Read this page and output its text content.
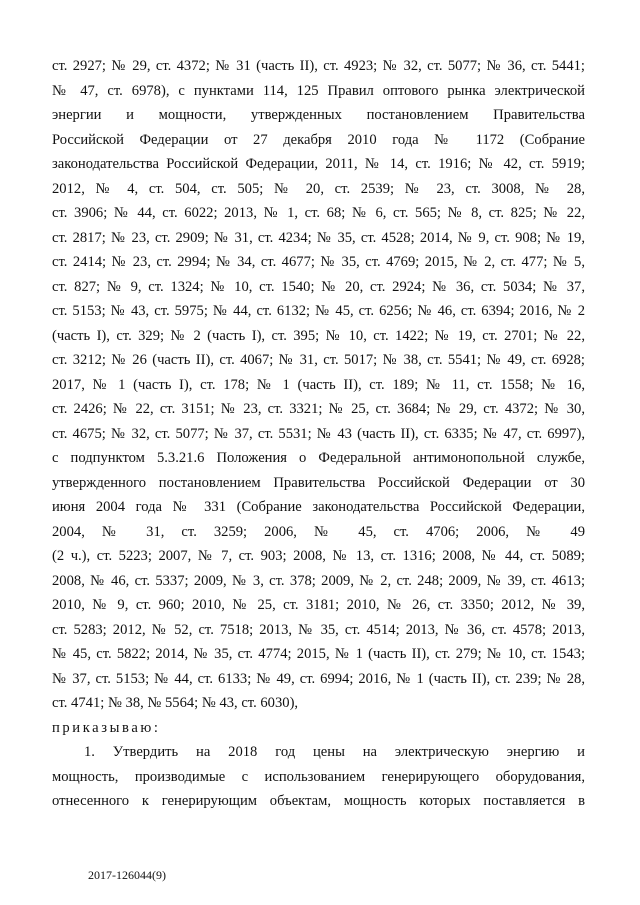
ст. 2927; № 29, ст. 4372; № 31 (часть II), ст. 4923; № 32, ст. 5077; № 36, ст. 5441;
№ 47, ст. 6978), с пунктами 114, 125 Правил оптового рынка электрической
энергии и мощности, утвержденных постановлением Правительства
Российской Федерации от 27 декабря 2010 года № 1172 (Собрание
законодательства Российской Федерации, 2011, № 14, ст. 1916; № 42, ст. 5919;
2012, № 4, ст. 504, ст. 505; № 20, ст. 2539; № 23, ст. 3008, № 28,
ст. 3906; № 44, ст. 6022; 2013, № 1, ст. 68; № 6, ст. 565; № 8, ст. 825; № 22,
ст. 2817; № 23, ст. 2909; № 31, ст. 4234; № 35, ст. 4528; 2014, № 9, ст. 908; № 19,
ст. 2414; № 23, ст. 2994; № 34, ст. 4677; № 35, ст. 4769; 2015, № 2, ст. 477; № 5,
ст. 827; № 9, ст. 1324; № 10, ст. 1540; № 20, ст. 2924; № 36, ст. 5034; № 37,
ст. 5153; № 43, ст. 5975; № 44, ст. 6132; № 45, ст. 6256; № 46, ст. 6394; 2016, № 2
(часть I), ст. 329; № 2 (часть I), ст. 395; № 10, ст. 1422; № 19, ст. 2701; № 22,
ст. 3212; № 26 (часть II), ст. 4067; № 31, ст. 5017; № 38, ст. 5541; № 49, ст. 6928;
2017, № 1 (часть I), ст. 178; № 1 (часть II), ст. 189; № 11, ст. 1558; № 16,
ст. 2426; № 22, ст. 3151; № 23, ст. 3321; № 25, ст. 3684; № 29, ст. 4372; № 30,
ст. 4675; № 32, ст. 5077; № 37, ст. 5531; № 43 (часть II), ст. 6335; № 47, ст. 6997),
с подпунктом 5.3.21.6 Положения о Федеральной антимонопольной службе,
утвержденного постановлением Правительства Российской Федерации от 30
июня 2004 года № 331 (Собрание законодательства Российской Федерации,
2004, № 31, ст. 3259; 2006, № 45, ст. 4706; 2006, № 49
(2 ч.), ст. 5223; 2007, № 7, ст. 903; 2008, № 13, ст. 1316; 2008, № 44, ст. 5089;
2008, № 46, ст. 5337; 2009, № 3, ст. 378; 2009, № 2, ст. 248; 2009, № 39, ст. 4613;
2010, № 9, ст. 960; 2010, № 25, ст. 3181; 2010, № 26, ст. 3350; 2012, № 39,
ст. 5283; 2012, № 52, ст. 7518; 2013, № 35, ст. 4514; 2013, № 36, ст. 4578; 2013,
№ 45, ст. 5822; 2014, № 35, ст. 4774; 2015, № 1 (часть II), ст. 279; № 10, ст. 1543;
№ 37, ст. 5153; № 44, ст. 6133; № 49, ст. 6994; 2016, № 1 (часть II), ст. 239; № 28,
ст. 4741; № 38, № 5564; № 43, ст. 6030),
приказываю:
1. Утвердить на 2018 год цены на электрическую энергию и
мощность, производимые с использованием генерирующего оборудования,
отнесенного к генерирующим объектам, мощность которых поставляется в
2017-126044(9)
